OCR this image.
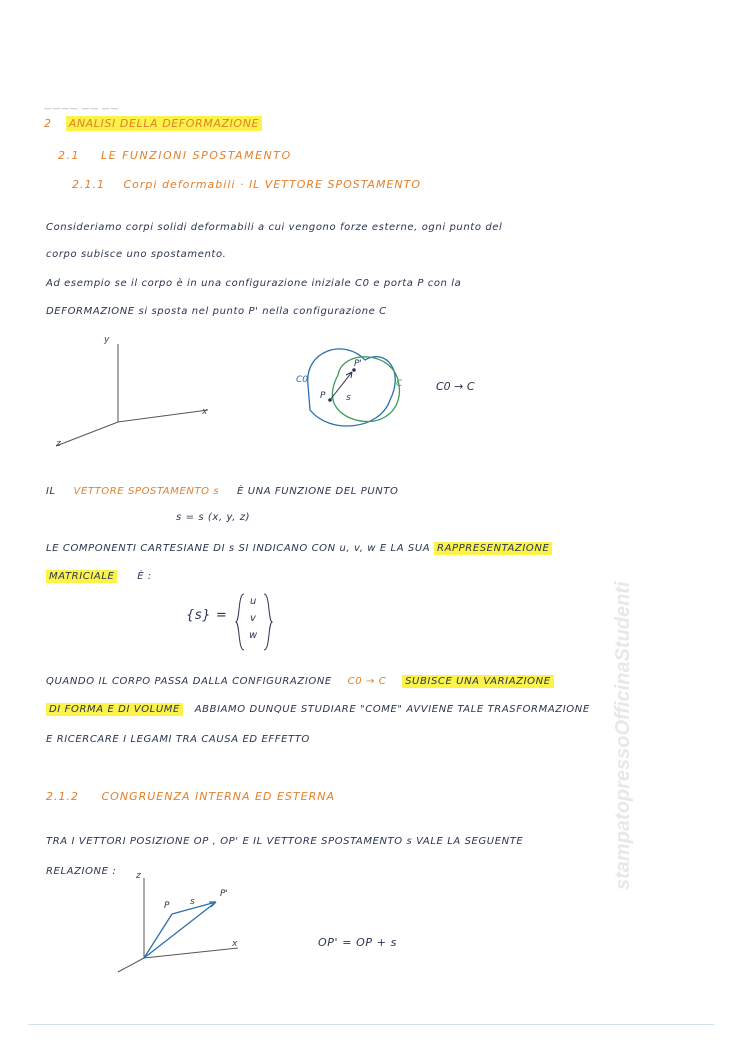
———— —— ——
2 ANALISI DELLA DEFORMAZIONE
2.1 LE FUNZIONI SPOSTAMENTO
2.1.1 Corpi deformabili · IL VETTORE SPOSTAMENTO
Consideriamo corpi solidi deformabili a cui vengono forze esterne, ogni punto del
corpo subisce uno spostamento.
Ad esempio se il corpo è in una configurazione iniziale C0 e porta P con la
DEFORMAZIONE si sposta nel punto P' nella configurazione C
y
x
z
C0	C
P
P'
s
C0 → C
IL VETTORE SPOSTAMENTO s È UNA FUNZIONE DEL PUNTO
s = s (x, y, z)
LE COMPONENTI CARTESIANE DI s SI INDICANO CON u, v, w E LA SUA RAPPRESENTAZIONE
MATRICIALE È :
{s} =
u
v
w
QUANDO IL CORPO PASSA DALLA CONFIGURAZIONE C0 → C SUBISCE UNA VARIAZIONE
DI FORMA E DI VOLUME ABBIAMO DUNQUE STUDIARE "COME" AVVIENE TALE TRASFORMAZIONE
E RICERCARE I LEGAMI TRA CAUSA ED EFFETTO
2.1.2 CONGRUENZA INTERNA ED ESTERNA
TRA I VETTORI POSIZIONE OP , OP' E IL VETTORE SPOSTAMENTO s VALE LA SEGUENTE
RELAZIONE : z
x
P
P'
s
OP' = OP + s
stampatopressoOfficinaStudenti
